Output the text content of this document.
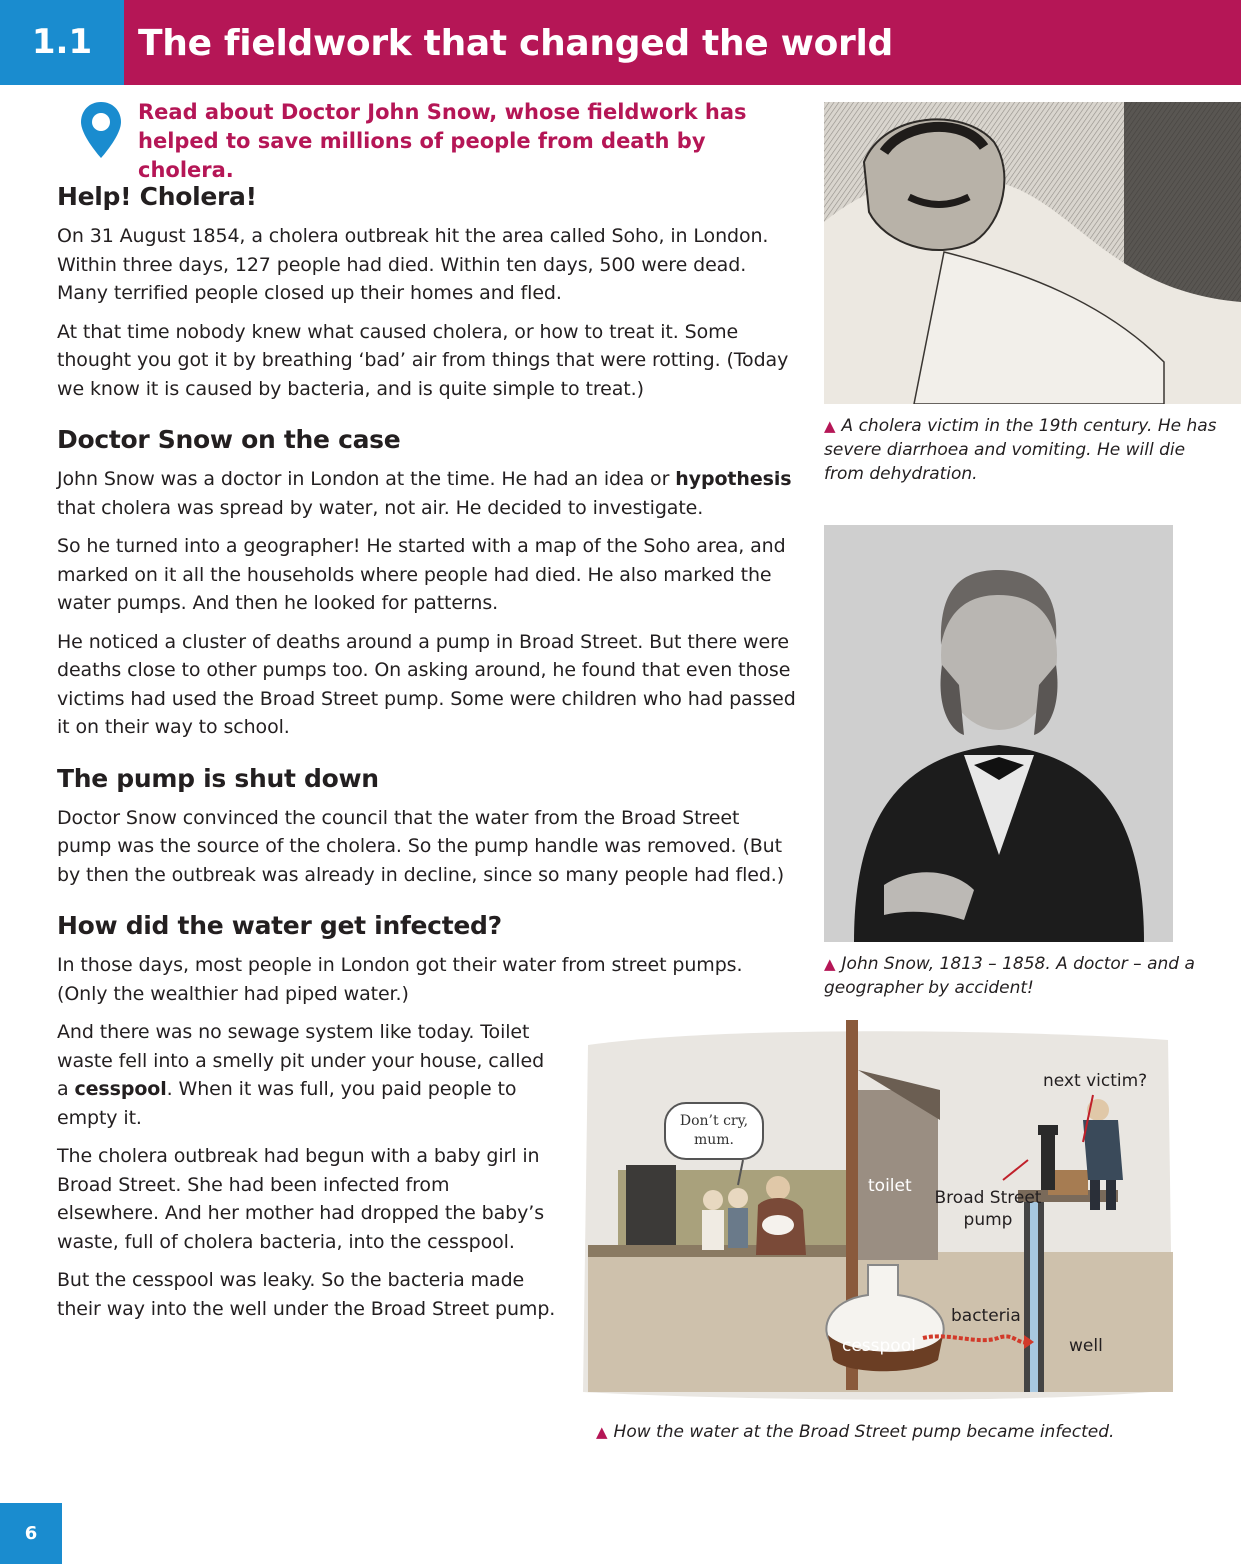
1.1	The fieldwork that changed the world
Read about Doctor John Snow, whose fieldwork has helped to save millions of people from death by cholera.
Help! Cholera!

On 31 August 1854, a cholera outbreak hit the area called Soho, in London. Within three days, 127 people had died. Within ten days, 500 were dead. Many terrified people closed up their homes and fled.

At that time nobody knew what caused cholera, or how to treat it. Some thought you got it by breathing ‘bad’ air from things that were rotting. (Today we know it is caused by bacteria, and is quite simple to treat.)

Doctor Snow on the case

John Snow was a doctor in London at the time. He had an idea or hypothesis that cholera was spread by water, not air. He decided to investigate.

So he turned into a geographer! He started with a map of the Soho area, and marked on it all the households where people had died. He also marked the water pumps. And then he looked for patterns.

He noticed a cluster of deaths around a pump in Broad Street. But there were deaths close to other pumps too. On asking around, he found that even those victims had used the Broad Street pump. Some were children who had passed it on their way to school.

The pump is shut down

Doctor Snow convinced the council that the water from the Broad Street pump was the source of the cholera. So the pump handle was removed. (But by then the outbreak was already in decline, since so many people had fled.)

How did the water get infected?

In those days, most people in London got their water from street pumps. (Only the wealthier had piped water.)

And there was no sewage system like today. Toilet waste fell into a smelly pit under your house, called a cesspool. When it was full, you paid people to empty it.

The cholera outbreak had begun with a baby girl in Broad Street. She had been infected from elsewhere. And her mother had dropped the baby’s waste, full of cholera bacteria, into the cesspool.

But the cesspool was leaky. So the bacteria made their way into the well under the Broad Street pump.

▲ A cholera victim in the 19th century. He has severe diarrhoea and vomiting. He will die from dehydration.
▲ John Snow, 1813 – 1858. A doctor – and a geographer by accident!
Don’t cry, mum.
toilet
next victim?
Broad Street pump
bacteria
cesspool	well
▲ How the water at the Broad Street pump became infected.
6
